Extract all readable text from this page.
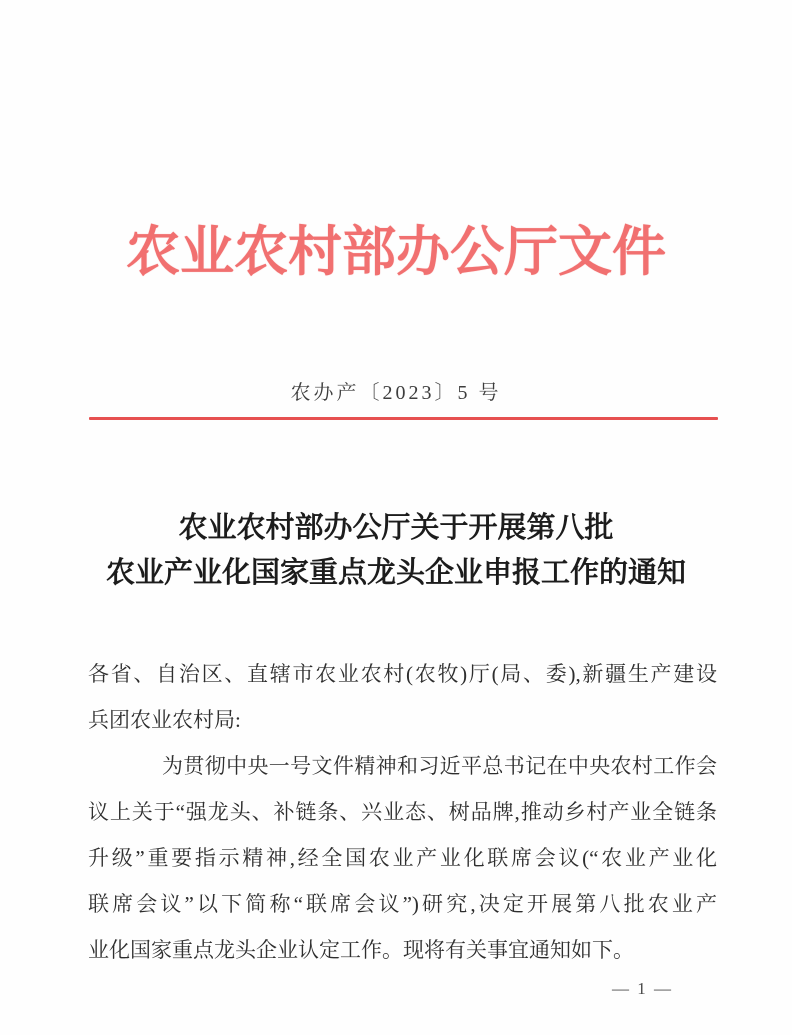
农业农村部办公厅文件
农办产〔2023〕5 号
农业农村部办公厅关于开展第八批
农业产业化国家重点龙头企业申报工作的通知
各省、自治区、直辖市农业农村(农牧)厅(局、委),新疆生产建设
兵团农业农村局:
为贯彻中央一号文件精神和习近平总书记在中央农村工作会
议上关于“强龙头、补链条、兴业态、树品牌,推动乡村产业全链条
升级”重要指示精神,经全国农业产业化联席会议(“农业产业化
联席会议”以下简称“联席会议”)研究,决定开展第八批农业产
业化国家重点龙头企业认定工作。现将有关事宜通知如下。
— 1 —
